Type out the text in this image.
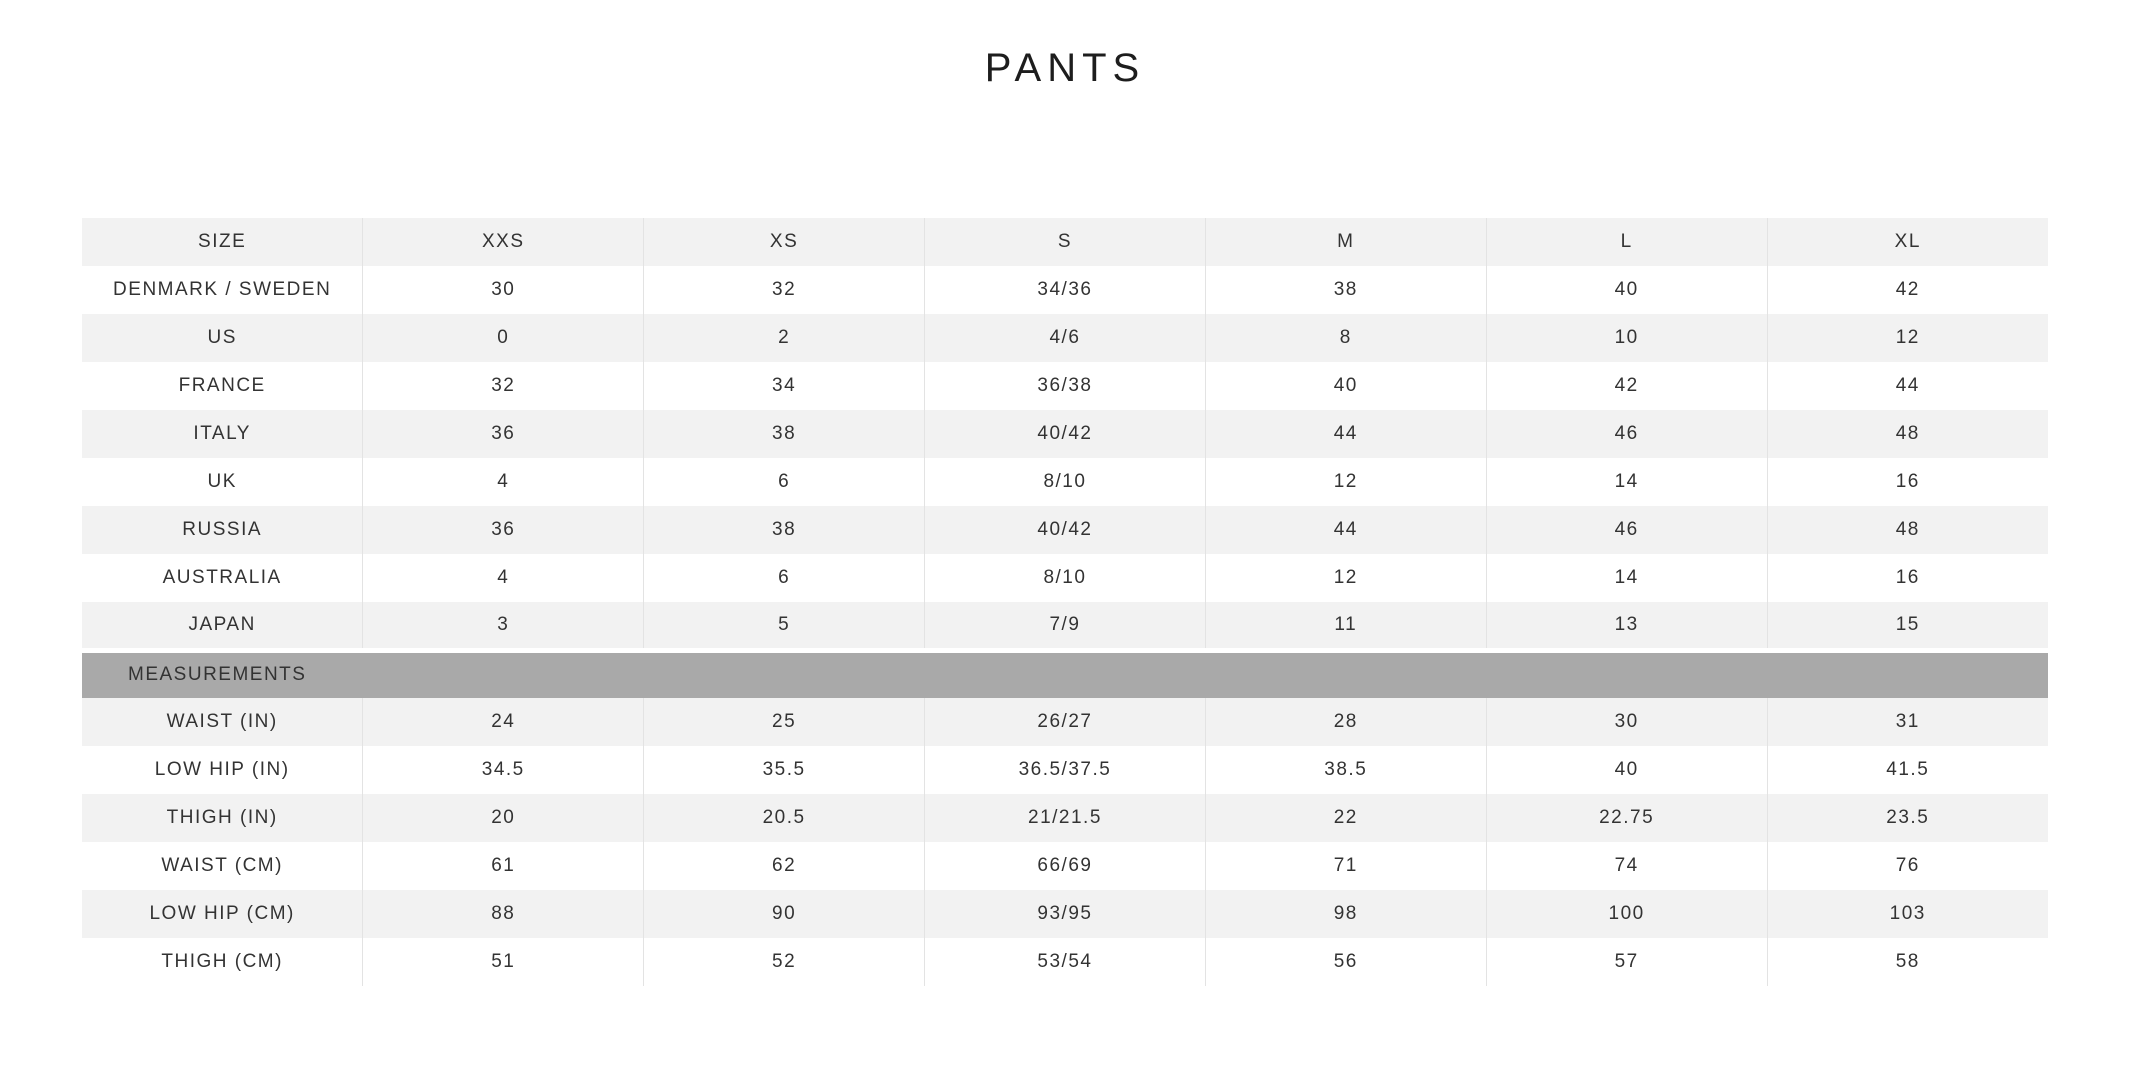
PANTS
SIZE	XXS	XS	S	M	L	XL
DENMARK / SWEDEN	30	32	34/36	38	40	42
US	0	2	4/6	8	10	12
FRANCE	32	34	36/38	40	42	44
ITALY	36	38	40/42	44	46	48
UK	4	6	8/10	12	14	16
RUSSIA	36	38	40/42	44	46	48
AUSTRALIA	4	6	8/10	12	14	16
JAPAN	3	5	7/9	11	13	15
MEASUREMENTS						
WAIST (IN)	24	25	26/27	28	30	31
LOW HIP (IN)	34.5	35.5	36.5/37.5	38.5	40	41.5
THIGH (IN)	20	20.5	21/21.5	22	22.75	23.5
WAIST (CM)	61	62	66/69	71	74	76
LOW HIP (CM)	88	90	93/95	98	100	103
THIGH (CM)	51	52	53/54	56	57	58
